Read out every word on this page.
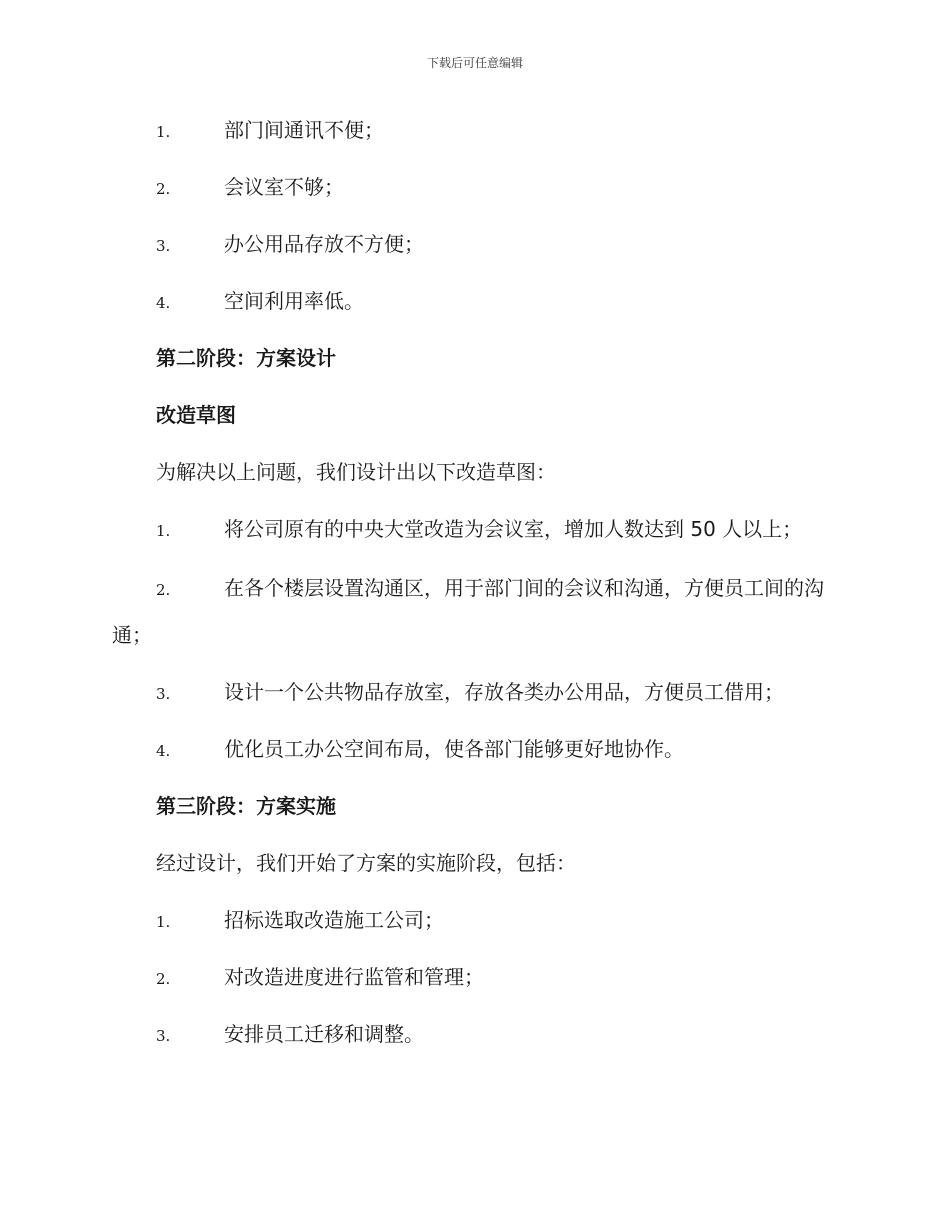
下载后可任意编辑
1.	部门间通讯不便；
2.	会议室不够；
3.	办公用品存放不方便；
4.	空间利用率低。
第二阶段：方案设计
改造草图
为解决以上问题，我们设计出以下改造草图：
1.	将公司原有的中央大堂改造为会议室，增加人数达到 50 人以上；
2.	在各个楼层设置沟通区，用于部门间的会议和沟通，方便员工间的沟通；
3.	设计一个公共物品存放室，存放各类办公用品，方便员工借用；
4.	优化员工办公空间布局，使各部门能够更好地协作。
第三阶段：方案实施
经过设计，我们开始了方案的实施阶段，包括：
1.	招标选取改造施工公司；
2.	对改造进度进行监管和管理；
3.	安排员工迁移和调整。
